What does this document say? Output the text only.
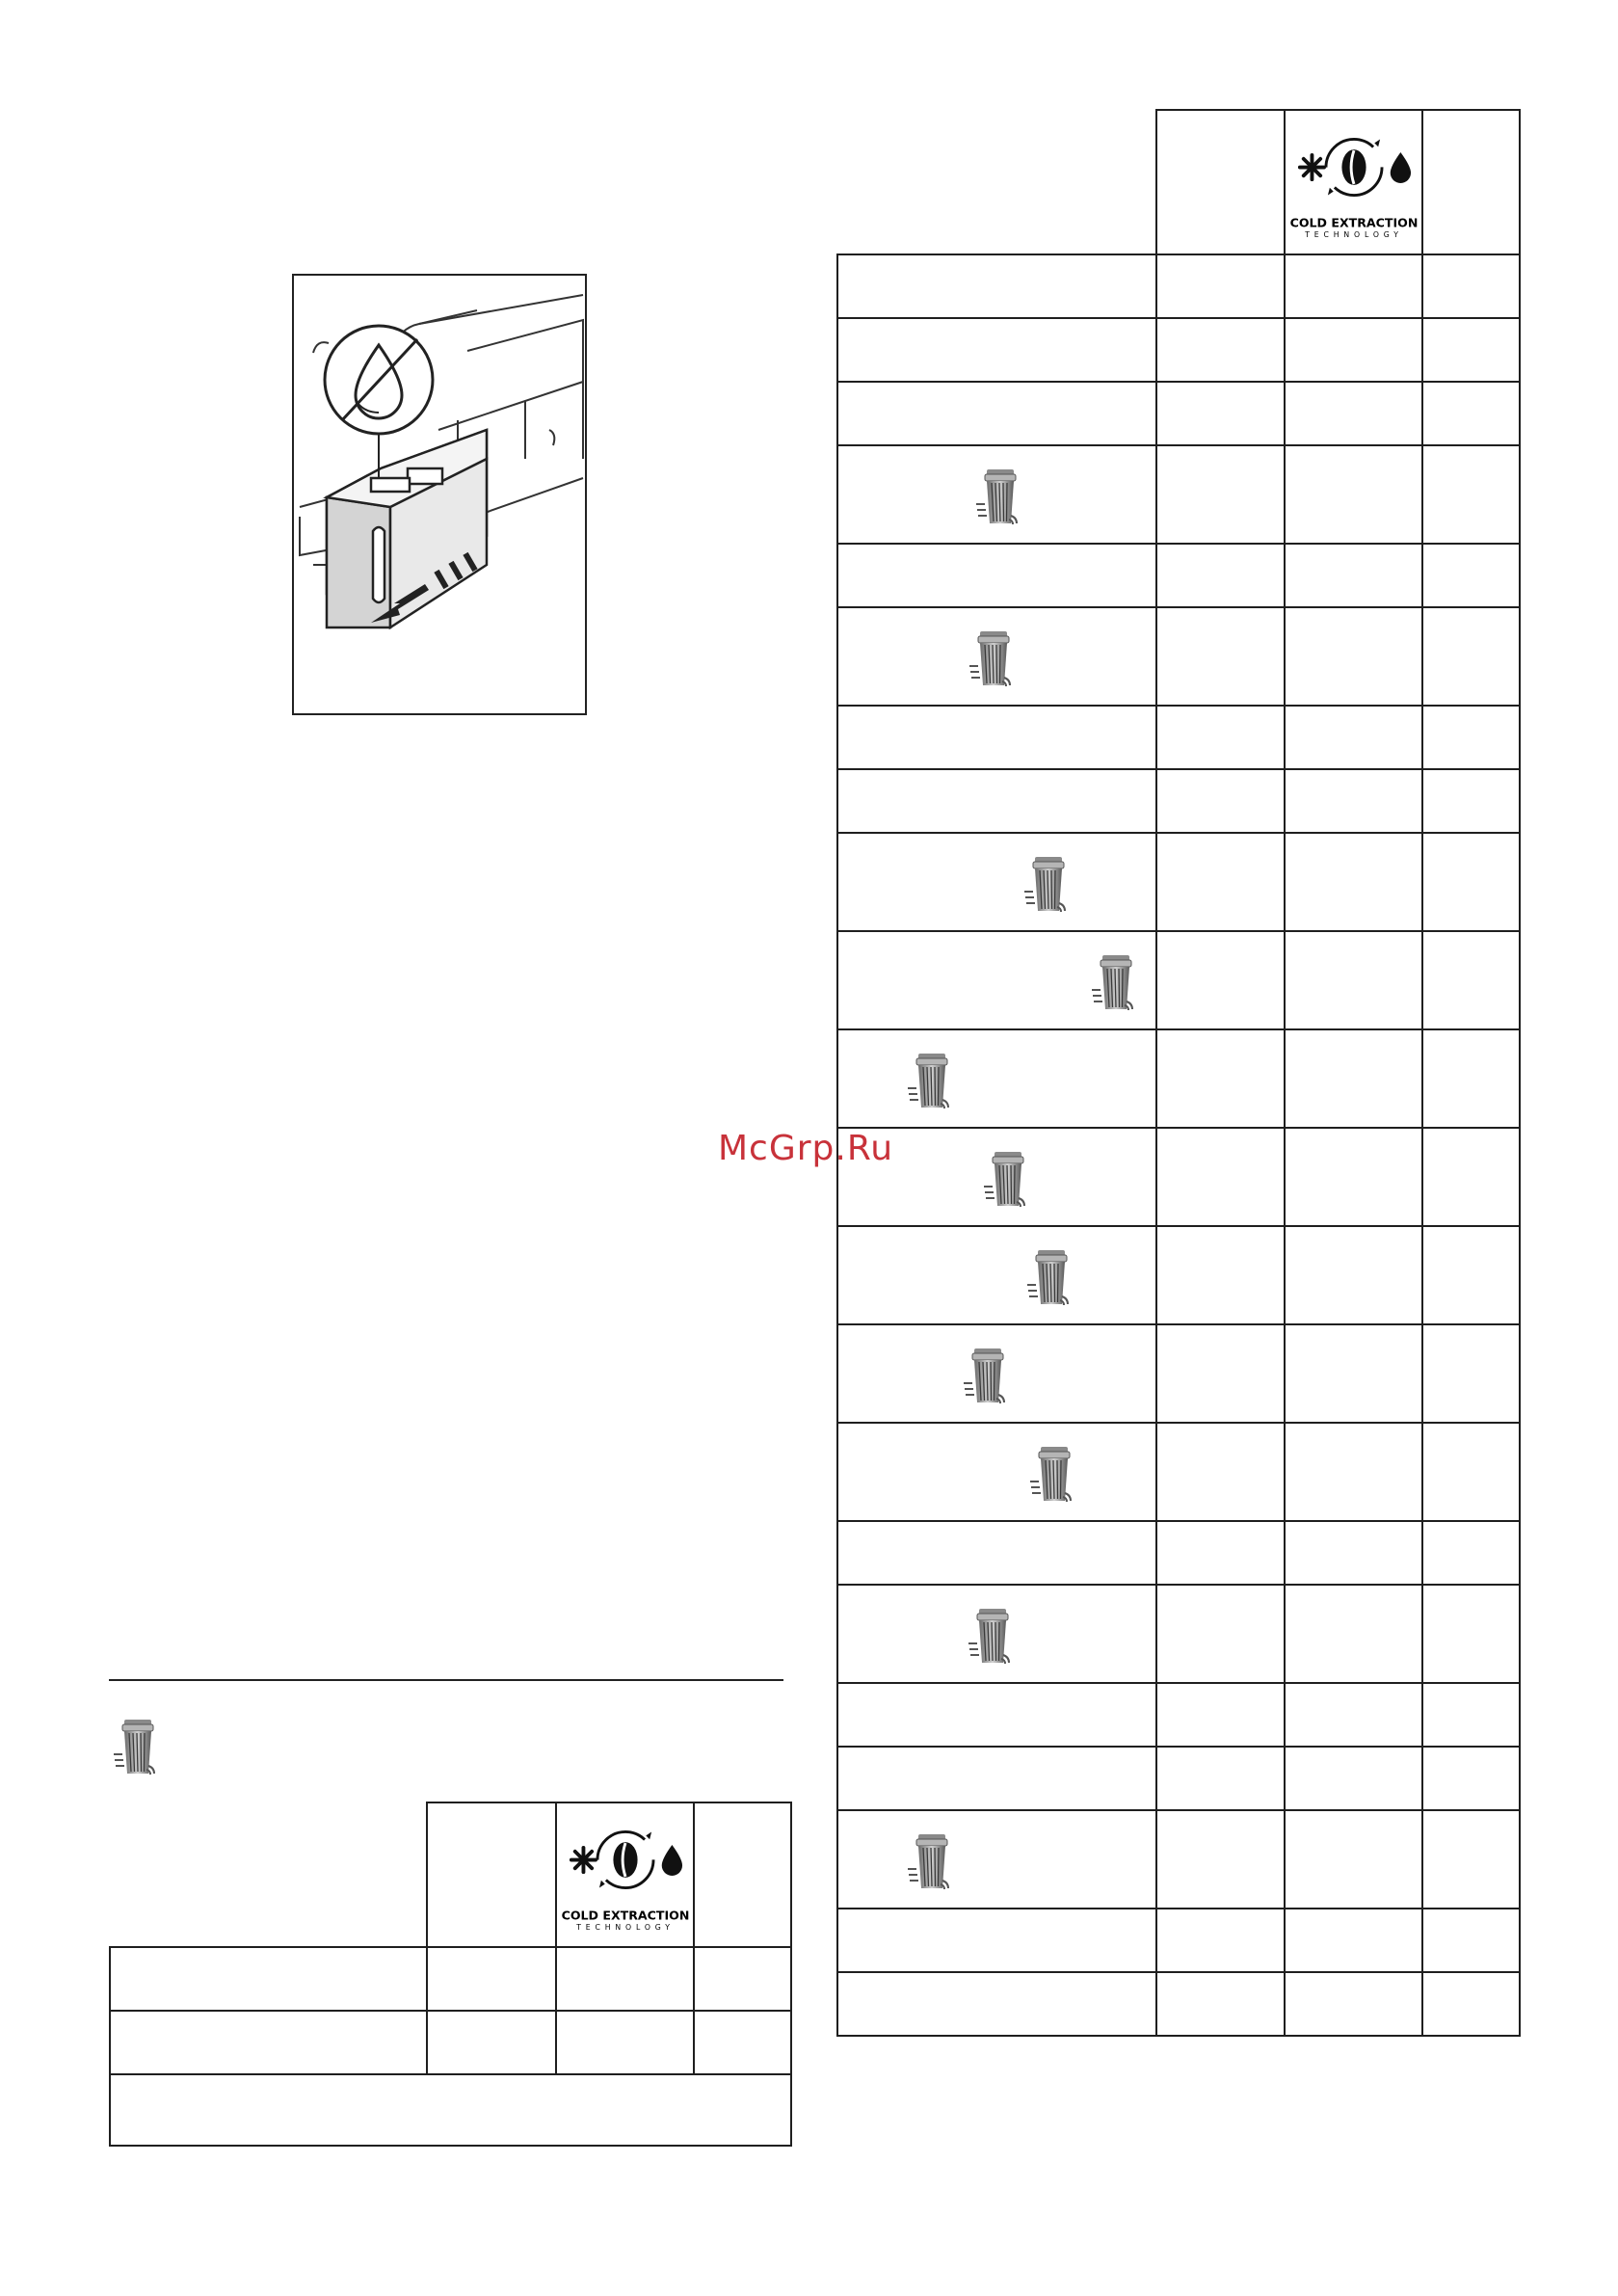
COLD EXTRACTION
TECHNOLOGY	

COLD EXTRACTION
TECHNOLOGY	

McGrp.Ru
